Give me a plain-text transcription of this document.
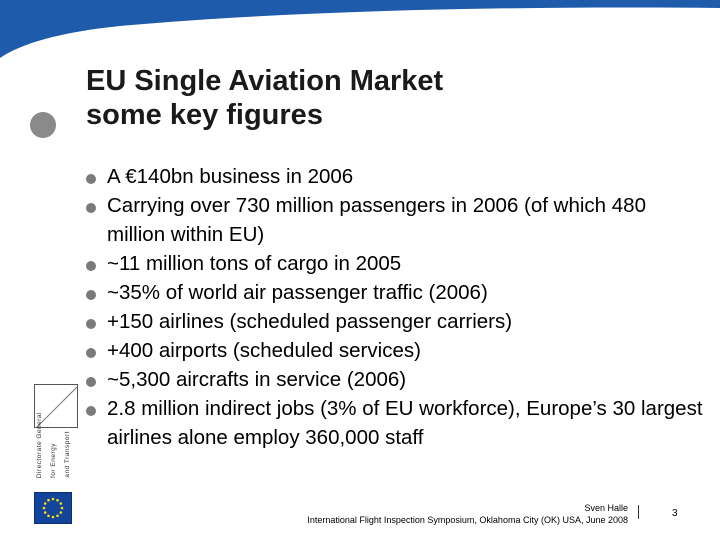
EU Single Aviation Market
some key figures
A €140bn business in 2006
Carrying over 730 million passengers in 2006 (of which 480 million within EU)
~11 million tons of cargo in 2005
~35% of world air passenger traffic (2006)
+150 airlines (scheduled passenger carriers)
+400 airports (scheduled services)
~5,300 aircrafts in service (2006)
2.8 million indirect jobs (3% of EU workforce), Europe’s 30 largest airlines alone employ 360,000 staff
Directorate General for Energy and Transport
Sven Halle
International Flight Inspection Symposium, Oklahoma City (OK) USA, June 2008
3
